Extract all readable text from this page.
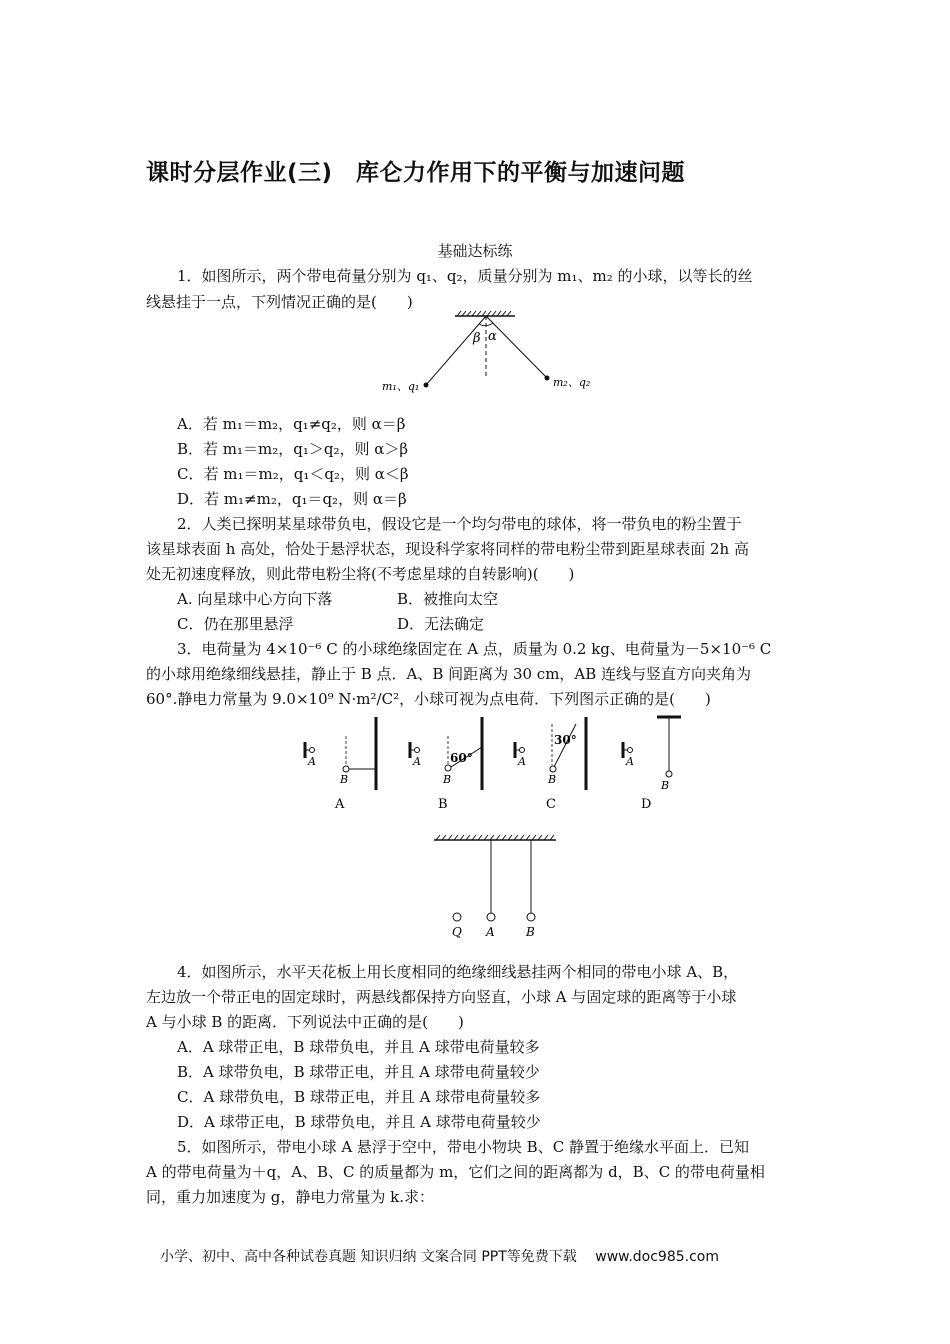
课时分层作业(三)　库仑力作用下的平衡与加速问题
基础达标练
1．如图所示，两个带电荷量分别为 q₁、q₂，质量分别为 m₁、m₂ 的小球，以等长的丝
线悬挂于一点，下列情况正确的是(　　)
β α
m₁、q₁	m₂、q₂
A．若 m₁＝m₂，q₁≠q₂，则 α＝β
B．若 m₁＝m₂，q₁＞q₂，则 α＞β
C．若 m₁＝m₂，q₁＜q₂，则 α＜β
D．若 m₁≠m₂，q₁＝q₂，则 α＝β
2．人类已探明某星球带负电，假设它是一个均匀带电的球体，将一带负电的粉尘置于
该星球表面 h 高处，恰处于悬浮状态，现设科学家将同样的带电粉尘带到距星球表面 2h 高
处无初速度释放，则此带电粉尘将(不考虑星球的自转影响)(　　)
A. 向星球中心方向下落	B．被推向太空
C．仍在那里悬浮	D．无法确定
3．电荷量为 4×10⁻⁶ C 的小球绝缘固定在 A 点，质量为 0.2 kg、电荷量为－5×10⁻⁶ C
的小球用绝缘细线悬挂，静止于 B 点．A、B 间距离为 30 cm，AB 连线与竖直方向夹角为
60°.静电力常量为 9.0×10⁹ N·m²/C²，小球可视为点电荷．下列图示正确的是(　　)
A
B
A
A 60°
B
B
A
30°
B
C
A
B
D
Q A	B
4．如图所示，水平天花板上用长度相同的绝缘细线悬挂两个相同的带电小球 A、B，
左边放一个带正电的固定球时，两悬线都保持方向竖直，小球 A 与固定球的距离等于小球
A 与小球 B 的距离．下列说法中正确的是(　　)
A．A 球带正电，B 球带负电，并且 A 球带电荷量较多
B．A 球带负电，B 球带正电，并且 A 球带电荷量较少
C．A 球带负电，B 球带正电，并且 A 球带电荷量较多
D．A 球带正电，B 球带负电，并且 A 球带电荷量较少
5．如图所示，带电小球 A 悬浮于空中，带电小物块 B、C 静置于绝缘水平面上．已知
A 的带电荷量为＋q，A、B、C 的质量都为 m，它们之间的距离都为 d，B、C 的带电荷量相
同，重力加速度为 g，静电力常量为 k.求：
小学、初中、高中各种试卷真题 知识归纳 文案合同 PPT等免费下载 www.doc985.com
